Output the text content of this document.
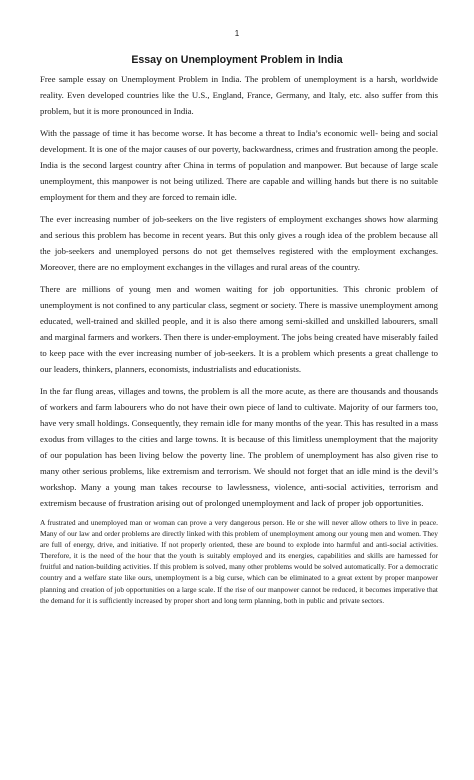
1
Essay on Unemployment Problem in India

Free sample essay on Unemployment Problem in India. The problem of unemployment is a harsh, worldwide reality. Even developed countries like the U.S., England, France, Germany, and Italy, etc. also suffer from this problem, but it is more pronounced in India.

With the passage of time it has become worse. It has become a threat to India’s economic well- being and social development. It is one of the major causes of our poverty, backwardness, crimes and frustration among the people. India is the second largest country after China in terms of population and manpower. But because of large scale unemployment, this manpower is not being utilized. There are capable and willing hands but there is no suitable employment for them and they are forced to remain idle.

The ever increasing number of job-seekers on the live registers of employment exchanges shows how alarming and serious this problem has become in recent years. But this only gives a rough idea of the problem because all the job-seekers and unemployed persons do not get themselves registered with the employment exchanges. Moreover, there are no employment exchanges in the villages and rural areas of the country.

There are millions of young men and women waiting for job opportunities. This chronic problem of unemployment is not confined to any particular class, segment or society. There is massive unemployment among educated, well-trained and skilled people, and it is also there among semi-skilled and unskilled labourers, small and marginal farmers and workers. Then there is under-employment. The jobs being created have miserably failed to keep pace with the ever increasing number of job-seekers. It is a problem which presents a great challenge to our leaders, thinkers, planners, economists, industrialists and educationists.

In the far flung areas, villages and towns, the problem is all the more acute, as there are thousands and thousands of workers and farm labourers who do not have their own piece of land to cultivate. Majority of our farmers too, have very small holdings. Consequently, they remain idle for many months of the year. This has resulted in a mass exodus from villages to the cities and large towns. It is because of this limitless unemployment that the majority of our population has been living below the poverty line. The problem of unemployment has also given rise to many other serious problems, like extremism and terrorism. We should not forget that an idle mind is the devil’s workshop. Many a young man takes recourse to lawlessness, violence, anti-social activities, terrorism and extremism because of frustration arising out of prolonged unemployment and lack of proper job opportunities.

A frustrated and unemployed man or woman can prove a very dangerous person. He or she will never allow others to live in peace. Many of our law and order problems are directly linked with this problem of unemployment among our young men and women. They are full of energy, drive, and initiative. If not properly oriented, these are bound to explode into harmful and anti-social activities. Therefore, it is the need of the hour that the youth is suitably employed and its energies, capabilities and skills are harnessed for fruitful and nation-building activities. If this problem is solved, many other problems would be solved automatically. For a democratic country and a welfare state like ours, unemployment is a big curse, which can be eliminated to a great extent by proper manpower planning and creation of job opportunities on a large scale. If the rise of our manpower cannot be reduced, it becomes imperative that the demand for it is sufficiently increased by proper short and long term planning, both in public and private sectors.
